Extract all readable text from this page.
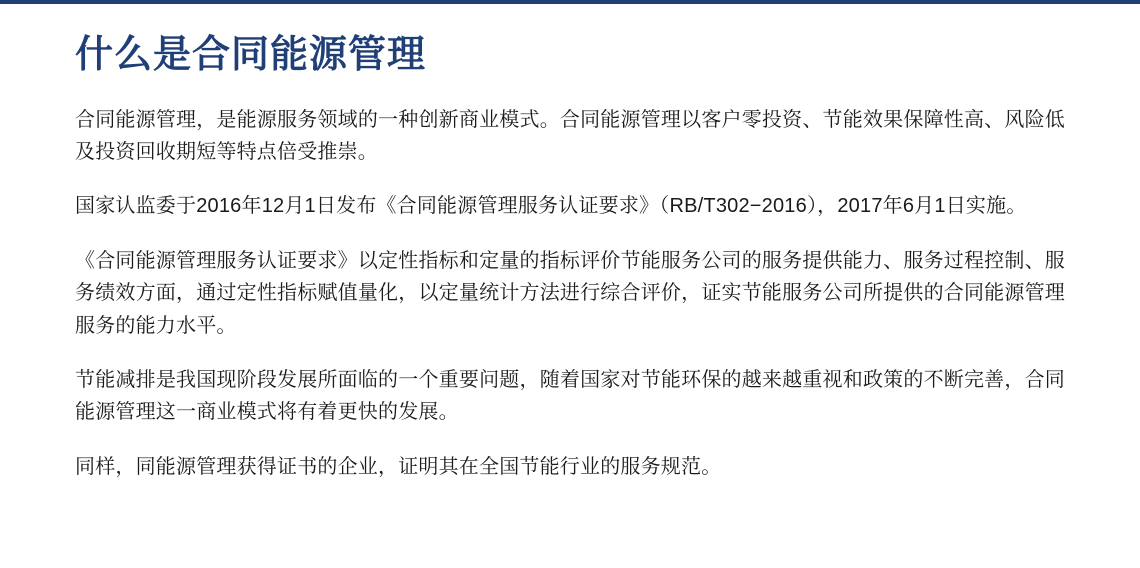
什么是合同能源管理

合同能源管理，是能源服务领域的一种创新商业模式。合同能源管理以客户零投资、节能效果保障性高、风险低及投资回收期短等特点倍受推崇。

国家认监委于2016年12月1日发布《合同能源管理服务认证要求》（RB/T302−2016），2017年6月1日实施。

《合同能源管理服务认证要求》以定性指标和定量的指标评价节能服务公司的服务提供能力、服务过程控制、服务绩效方面，通过定性指标赋值量化，以定量统计方法进行综合评价，证实节能服务公司所提供的合同能源管理服务的能力水平。

节能减排是我国现阶段发展所面临的一个重要问题，随着国家对节能环保的越来越重视和政策的不断完善，合同能源管理这一商业模式将有着更快的发展。

同样，同能源管理获得证书的企业，证明其在全国节能行业的服务规范。
